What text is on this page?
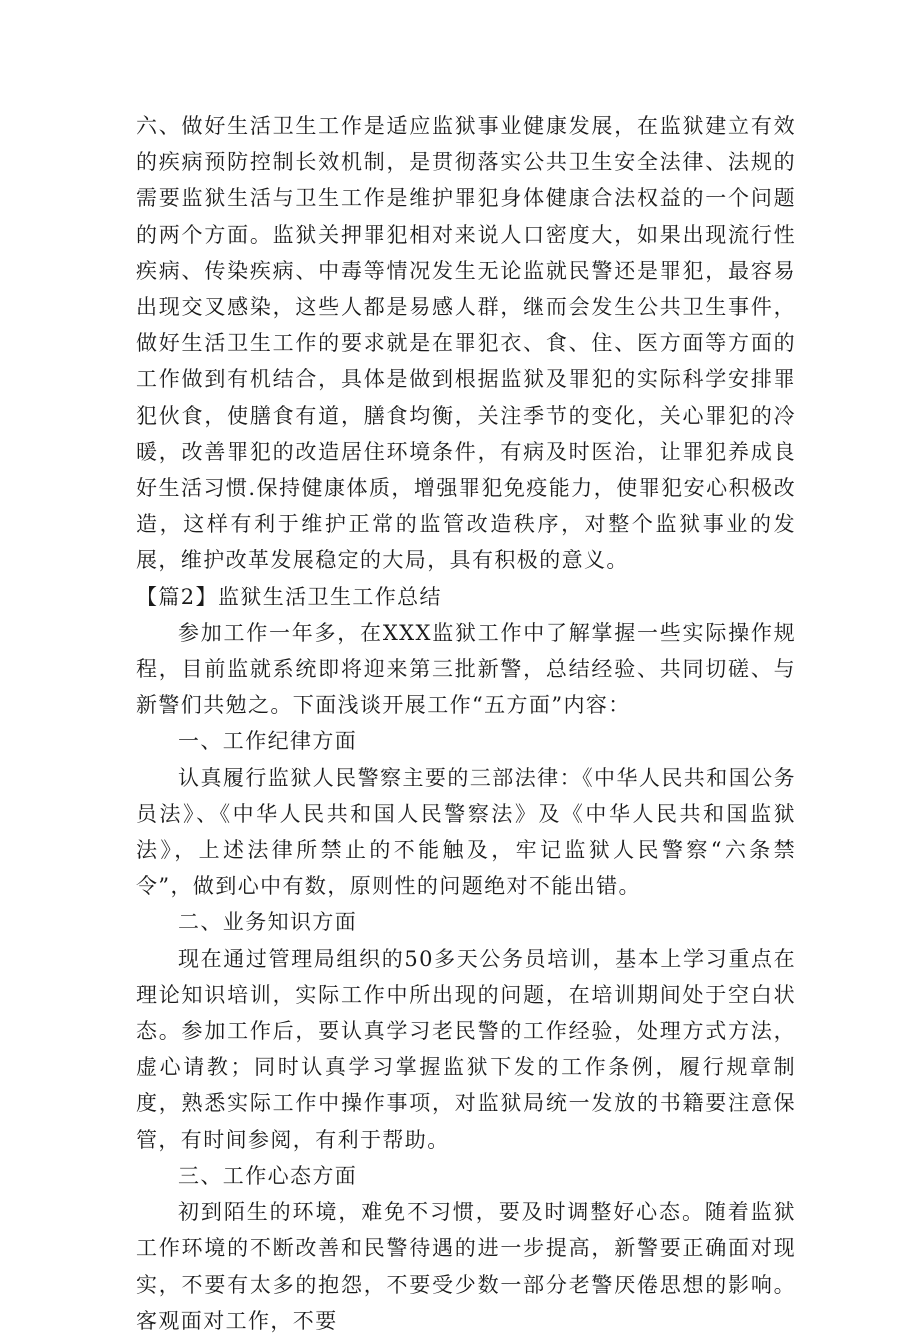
六、做好生活卫生工作是适应监狱事业健康发展，在监狱建立有效的疾病预防控制长效机制，是贯彻落实公共卫生安全法律、法规的需要监狱生活与卫生工作是维护罪犯身体健康合法权益的一个问题的两个方面。监狱关押罪犯相对来说人口密度大，如果出现流行性疾病、传染疾病、中毒等情况发生无论监就民警还是罪犯，最容易出现交叉感染，这些人都是易感人群，继而会发生公共卫生事件，做好生活卫生工作的要求就是在罪犯衣、食、住、医方面等方面的工作做到有机结合，具体是做到根据监狱及罪犯的实际科学安排罪犯伙食，使膳食有道，膳食均衡，关注季节的变化，关心罪犯的冷暖，改善罪犯的改造居住环境条件，有病及时医治，让罪犯养成良好生活习惯.保持健康体质，增强罪犯免疫能力，使罪犯安心积极改造，这样有利于维护正常的监管改造秩序，对整个监狱事业的发展，维护改革发展稳定的大局，具有积极的意义。

【篇2】监狱生活卫生工作总结

参加工作一年多，在XXX监狱工作中了解掌握一些实际操作规程，目前监就系统即将迎来第三批新警，总结经验、共同切磋、与新警们共勉之。下面浅谈开展工作“五方面”内容：

一、工作纪律方面

认真履行监狱人民警察主要的三部法律：《中华人民共和国公务员法》、《中华人民共和国人民警察法》及《中华人民共和国监狱法》，上述法律所禁止的不能触及，牢记监狱人民警察“六条禁令”，做到心中有数，原则性的问题绝对不能出错。

二、业务知识方面

现在通过管理局组织的50多天公务员培训，基本上学习重点在理论知识培训，实际工作中所出现的问题，在培训期间处于空白状态。参加工作后，要认真学习老民警的工作经验，处理方式方法，虚心请教；同时认真学习掌握监狱下发的工作条例，履行规章制度，熟悉实际工作中操作事项，对监狱局统一发放的书籍要注意保管，有时间参阅，有利于帮助。

三、工作心态方面

初到陌生的环境，难免不习惯，要及时调整好心态。随着监狱工作环境的不断改善和民警待遇的进一步提高，新警要正确面对现实，不要有太多的抱怨，不要受少数一部分老警厌倦思想的影响。客观面对工作，不要
